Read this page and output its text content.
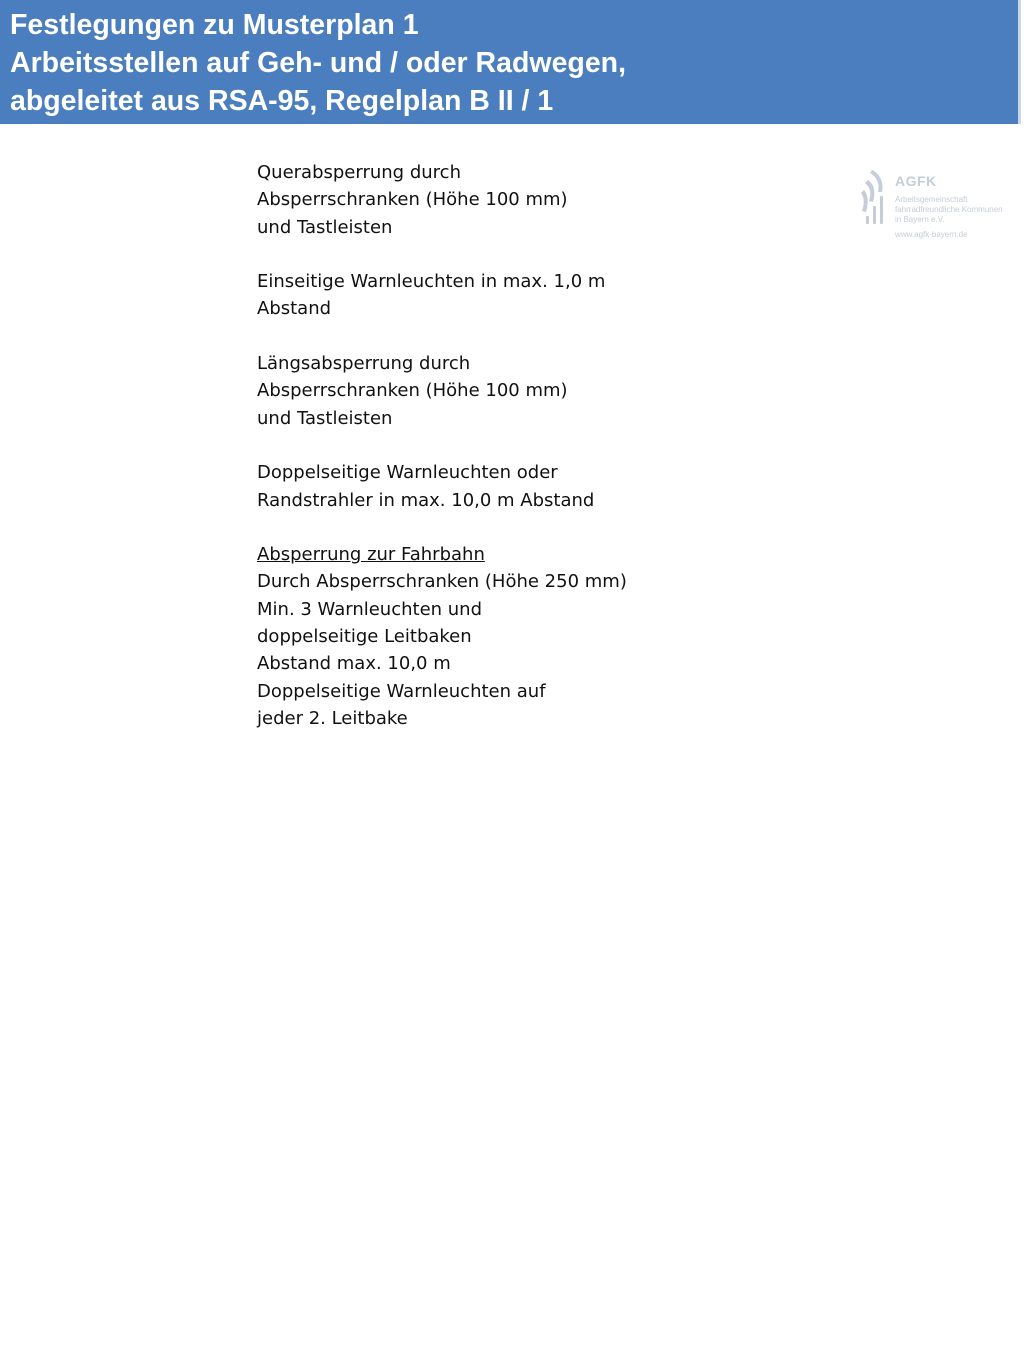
Festlegungen zu Musterplan 1
Arbeitsstellen auf Geh- und / oder Radwegen,
abgeleitet aus RSA-95, Regelplan B II / 1
AGFK
Arbeitsgemeinschaft
fahrradfreundliche Kommunen
in Bayern e.V.
www.agfk-bayern.de
Querabsperrung durch
Absperrschranken (Höhe 100 mm)
und Tastleisten
Einseitige Warnleuchten in max. 1,0 m
Abstand
Längsabsperrung durch
Absperrschranken (Höhe 100 mm)
und Tastleisten
Doppelseitige Warnleuchten oder
Randstrahler in max. 10,0 m Abstand
Absperrung zur Fahrbahn
Durch Absperrschranken (Höhe 250 mm)
Min. 3 Warnleuchten und
doppelseitige Leitbaken
Abstand max. 10,0 m
Doppelseitige Warnleuchten auf
jeder 2. Leitbake
